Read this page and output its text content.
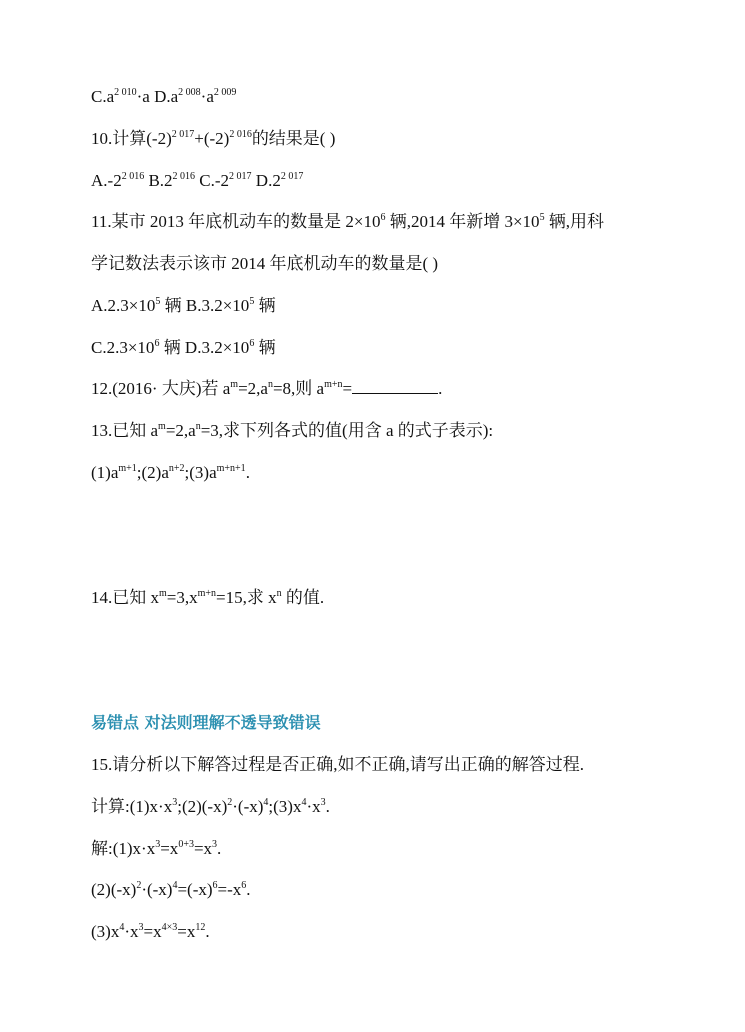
$C.a^{2 010}\cdot a$ $D.a^{2 008}\cdot a^{2 009}$
10.计算$(-2)^{2 017}+(-2)^{2 016}$的结果是( )
$A.-2^{2 016}$ $B.2^{2 016}$ $C.-2^{2 017}$ $D.2^{2 017}$
11.某市 2013 年底机动车的数量是 $2\times 10^6$ 辆,2014 年新增 $3\times 10^5$ 辆,用科
学记数法表示该市 2014 年底机动车的数量是( )
$A.2.3\times 10^5$ 辆 $B.3.2\times 10^5$ 辆
$C.2.3\times 10^6$ 辆 $D.3.2\times 10^6$ 辆
12.(2016· 大庆)若 $a^m=2,a^n=8$,则 $a^{m+n}=$	.
13.已知 $a^m=2,a^n=3$,求下列各式的值(用含 a 的式子表示):
$(1)a^{m+1};(2)a^{n+2};(3)a^{m+n+1}$.
14.已知 $x^m=3,x^{m+n}=15$,求 $x^n$ 的值.
易错点 对法则理解不透导致错误
15.请分析以下解答过程是否正确,如不正确,请写出正确的解答过程.
计算$:(1)x\cdot x^3;(2)(-x)^2\cdot(-x)^4;(3)x^4\cdot x^3$.
解$:(1)x\cdot x^3=x^{0+3}=x^3$.
$(2)(-x)^2\cdot(-x)^4=(-x)^6=-x^6$.
$(3)x^4\cdot x^3=x^{4\times 3}=x^{12}$.
